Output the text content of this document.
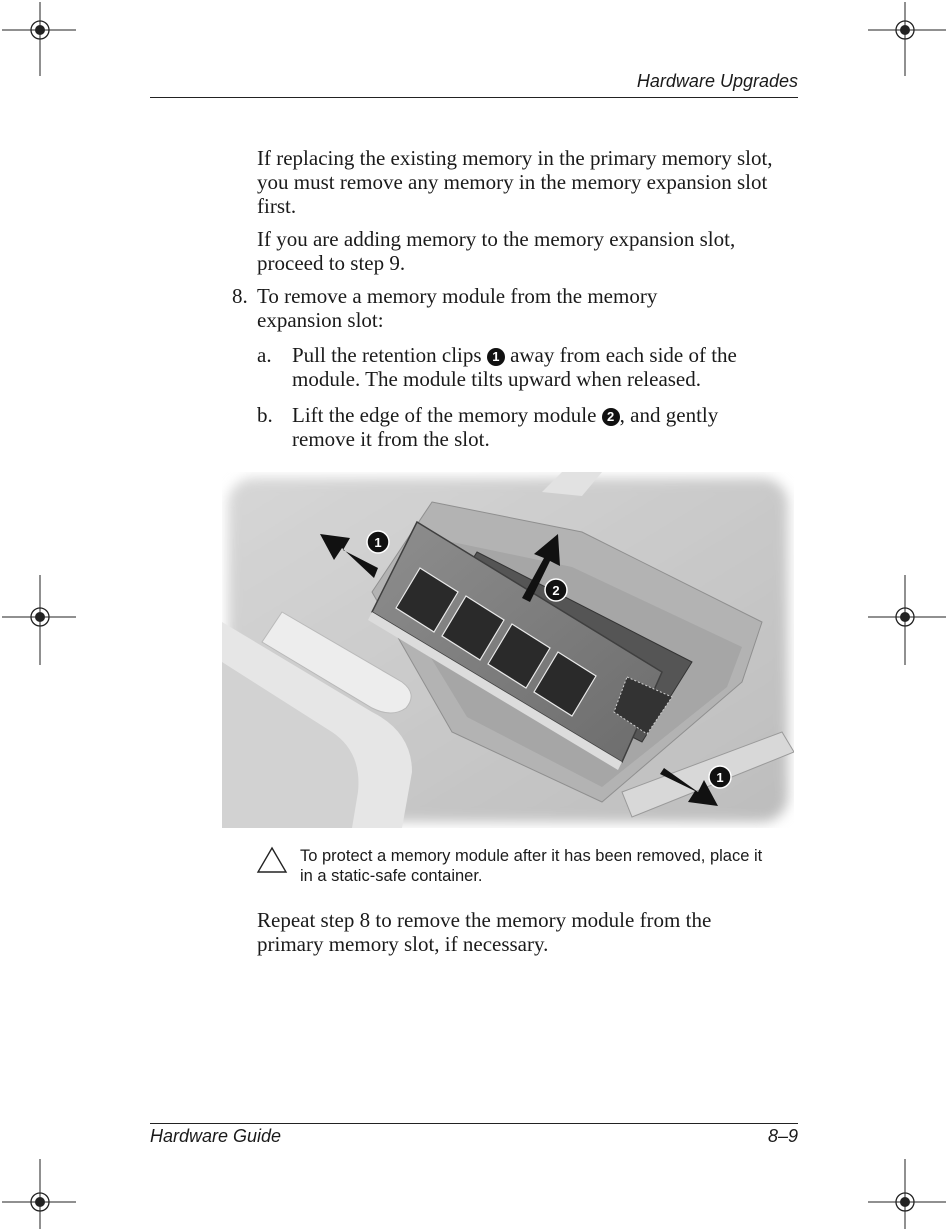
Hardware Upgrades

If replacing the existing memory in the primary memory slot, you must remove any memory in the memory expansion slot first.

If you are adding memory to the memory expansion slot, proceed to step 9.

8. To remove a memory module from the memory expansion slot:

a. Pull the retention clips 1 away from each side of the module. The module tilts upward when released.

b. Lift the edge of the memory module 2 , and gently remove it from the slot.

1
2
1
To protect a memory module after it has been removed, place it in a static-safe container.

Repeat step 8 to remove the memory module from the primary memory slot, if necessary.

Hardware Guide	8–9
